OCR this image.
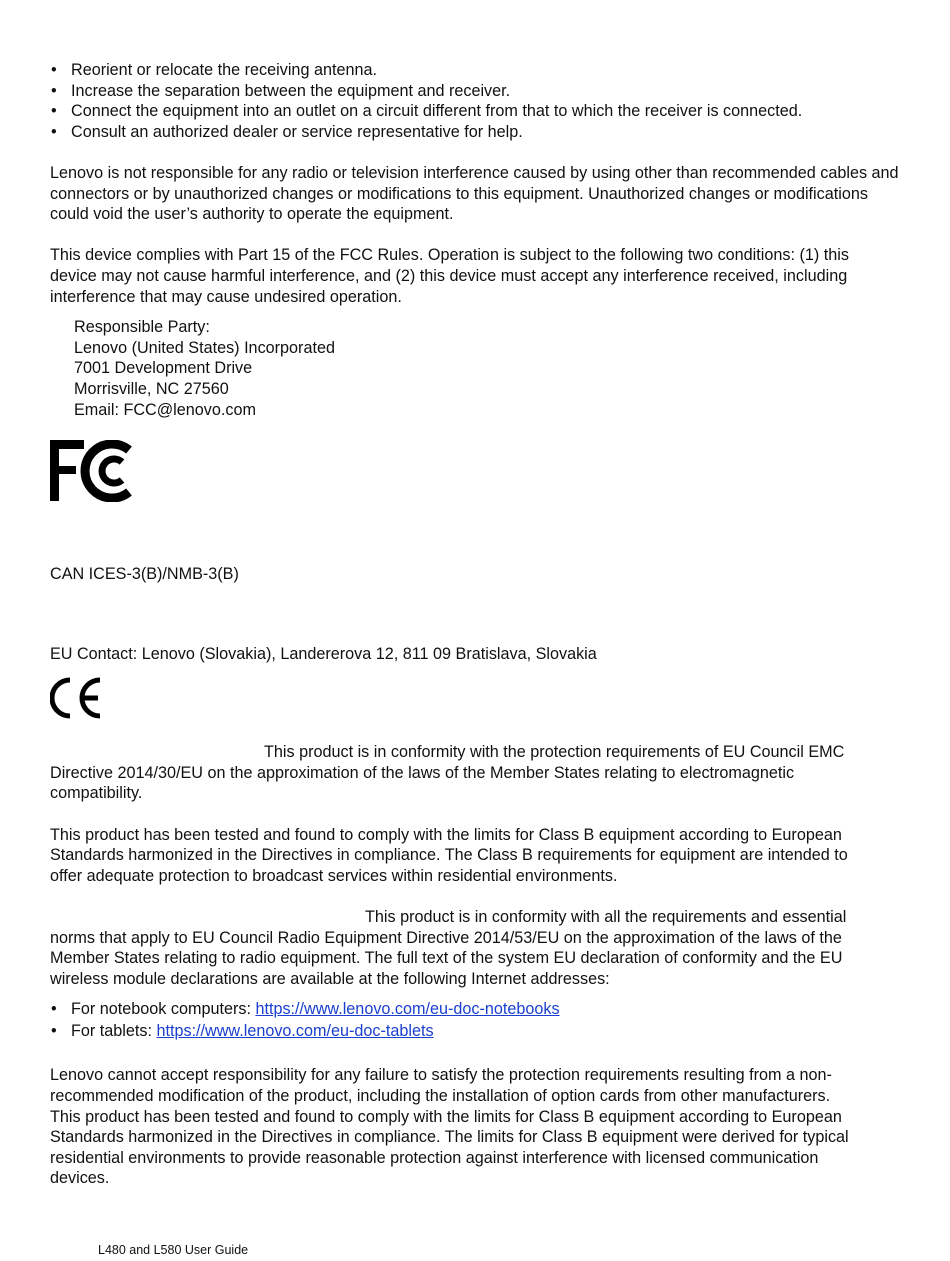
• Reorient or relocate the receiving antenna.
• Increase the separation between the equipment and receiver.
• Connect the equipment into an outlet on a circuit different from that to which the receiver is connected.
• Consult an authorized dealer or service representative for help.

Lenovo is not responsible for any radio or television interference caused by using other than recommended cables and connectors or by unauthorized changes or modifications to this equipment. Unauthorized changes or modifications could void the user’s authority to operate the equipment.

This device complies with Part 15 of the FCC Rules. Operation is subject to the following two conditions: (1) this device may not cause harmful interference, and (2) this device must accept any interference received, including interference that may cause undesired operation.

Responsible Party:
Lenovo (United States) Incorporated
7001 Development Drive
Morrisville, NC 27560
Email: FCC@lenovo.com

CAN ICES-3(B)/NMB-3(B)

EU Contact: Lenovo (Slovakia), Landererova 12, 811 09 Bratislava, Slovakia

This product is in conformity with the protection requirements of EU Council EMC Directive 2014/30/EU on the approximation of the laws of the Member States relating to electromagnetic compatibility.

This product has been tested and found to comply with the limits for Class B equipment according to European Standards harmonized in the Directives in compliance. The Class B requirements for equipment are intended to offer adequate protection to broadcast services within residential environments.

This product is in conformity with all the requirements and essential norms that apply to EU Council Radio Equipment Directive 2014/53/EU on the approximation of the laws of the Member States relating to radio equipment. The full text of the system EU declaration of conformity and the EU wireless module declarations are available at the following Internet addresses:

• For notebook computers: https://www.lenovo.com/eu-doc-notebooks
• For tablets: https://www.lenovo.com/eu-doc-tablets

Lenovo cannot accept responsibility for any failure to satisfy the protection requirements resulting from a non-recommended modification of the product, including the installation of option cards from other manufacturers. This product has been tested and found to comply with the limits for Class B equipment according to European Standards harmonized in the Directives in compliance. The limits for Class B equipment were derived for typical residential environments to provide reasonable protection against interference with licensed communication devices.

L480 and L580 User Guide
